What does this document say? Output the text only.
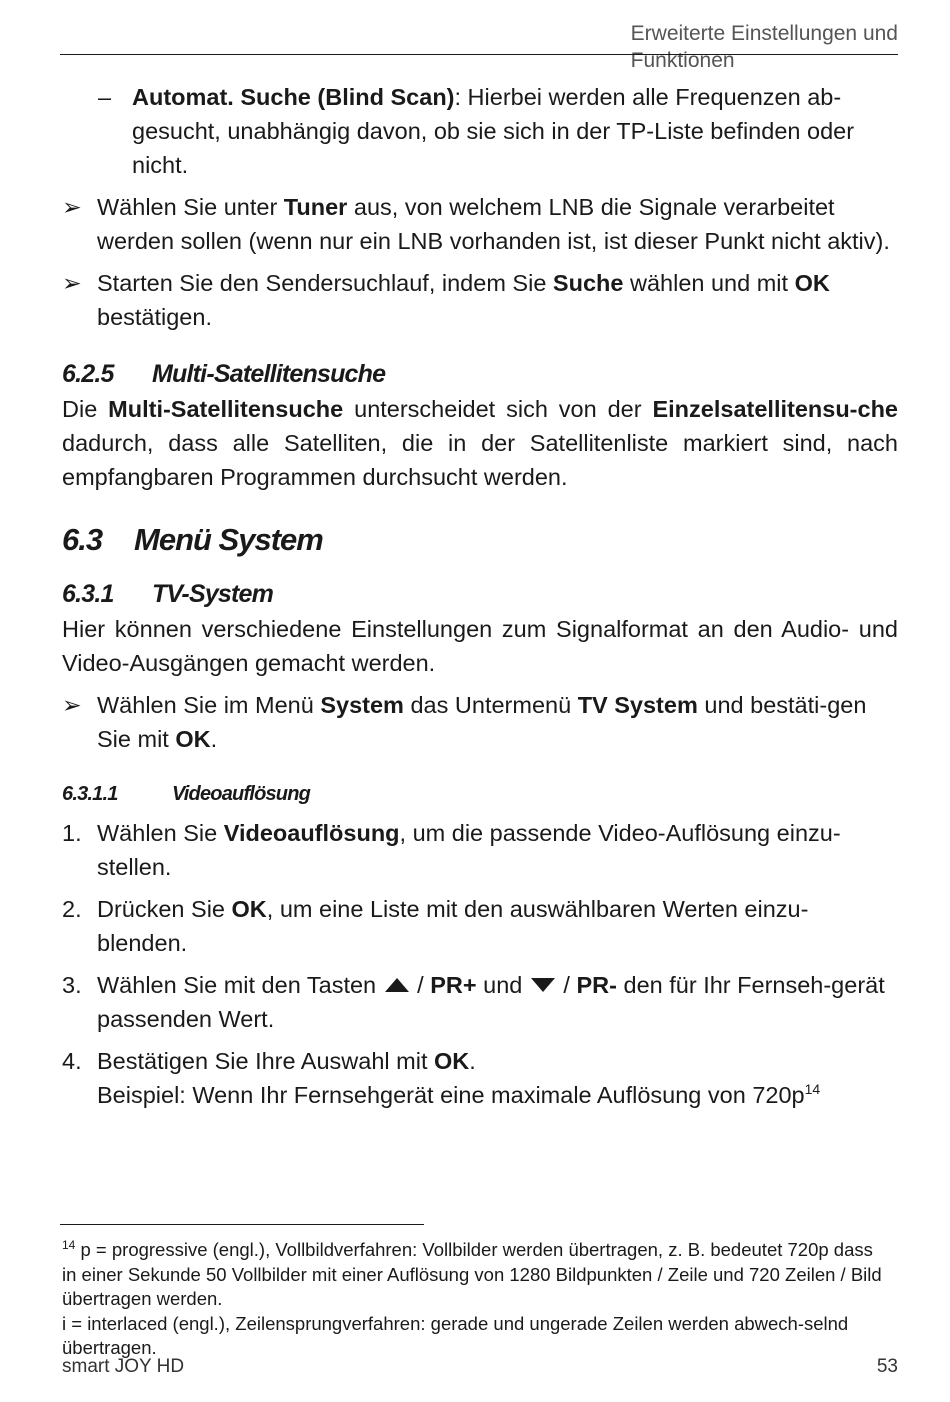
Erweiterte Einstellungen und
Funktionen
– Automat. Suche (Blind Scan): Hierbei werden alle Frequenzen ab-gesucht, unabhängig davon, ob sie sich in der TP-Liste befinden oder nicht.

➢ Wählen Sie unter Tuner aus, von welchem LNB die Signale verarbeitet werden sollen (wenn nur ein LNB vorhanden ist, ist dieser Punkt nicht aktiv).

➢ Starten Sie den Sendersuchlauf, indem Sie Suche wählen und mit OK bestätigen.

6.2.5	Multi-Satellitensuche

Die Multi-Satellitensuche unterscheidet sich von der Einzelsatellitensu-che dadurch, dass alle Satelliten, die in der Satellitenliste markiert sind, nach empfangbaren Programmen durchsucht werden.

6.3	Menü System
6.3.1	TV-System

Hier können verschiedene Einstellungen zum Signalformat an den Audio- und Video-Ausgängen gemacht werden.

➢ Wählen Sie im Menü System das Untermenü TV System und bestäti-gen Sie mit OK.

6.3.1.1	Videoauflösung
1. Wählen Sie Videoauflösung, um die passende Video-Auflösung einzu-stellen.

2. Drücken Sie OK, um eine Liste mit den auswählbaren Werten einzu-blenden.

3. Wählen Sie mit den Tasten  / PR+ und  / PR- den für Ihr Fernseh-gerät passenden Wert.

4. Bestätigen Sie Ihre Auswahl mit OK.
Beispiel: Wenn Ihr Fernsehgerät eine maximale Auflösung von $720p^{14}$

$^{14}$ p = progressive (engl.), Vollbildverfahren: Vollbilder werden übertragen, z. B. bedeutet 720p dass in einer Sekunde 50 Vollbilder mit einer Auflösung von 1280 Bildpunkten / Zeile und 720 Zeilen / Bild übertragen werden.

i = interlaced (engl.), Zeilensprungverfahren: gerade und ungerade Zeilen werden abwech-selnd übertragen.

smart JOY HD	53
